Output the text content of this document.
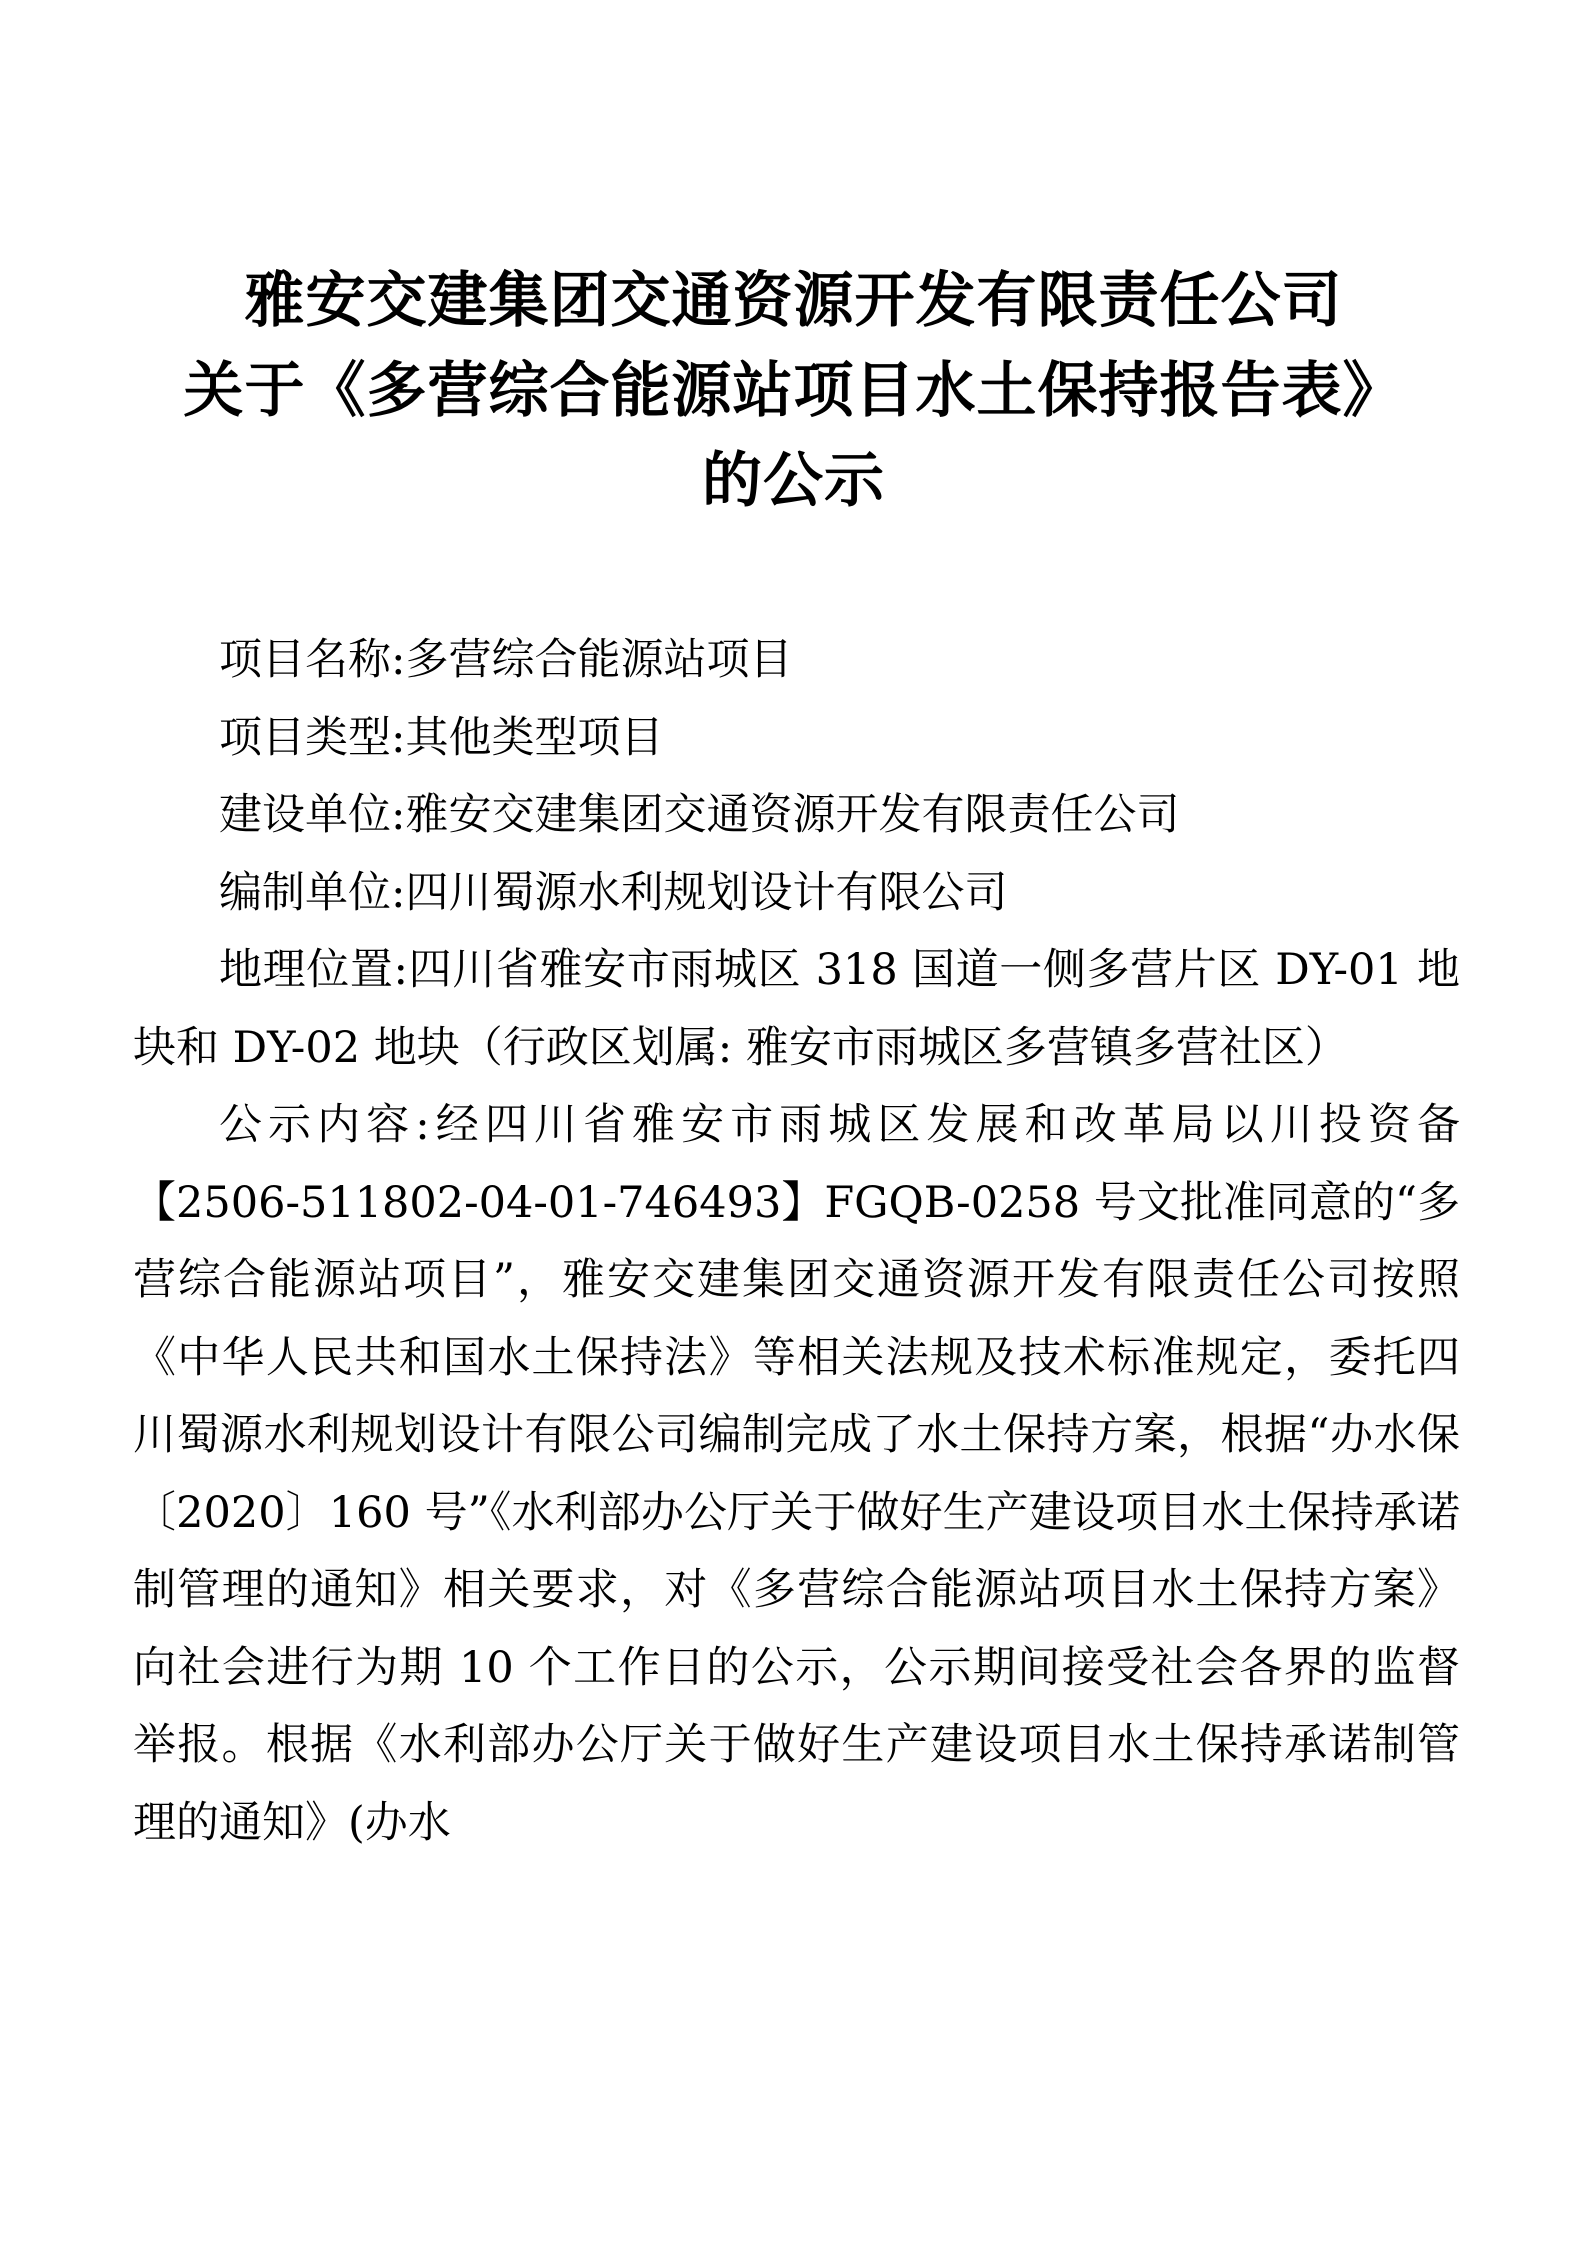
雅安交建集团交通资源开发有限责任公司
关于《多营综合能源站项目水土保持报告表》
的公示

项目名称:多营综合能源站项目

项目类型:其他类型项目

建设单位:雅安交建集团交通资源开发有限责任公司

编制单位:四川蜀源水利规划设计有限公司

地理位置:四川省雅安市雨城区 318 国道一侧多营片区 DY-01 地块和 DY-02 地块（行政区划属: 雅安市雨城区多营镇多营社区）

公示内容:经四川省雅安市雨城区发展和改革局以川投资备【2506-511802-04-01-746493】FGQB-0258 号文批准同意的“多营综合能源站项目”，雅安交建集团交通资源开发有限责任公司按照《中华人民共和国水土保持法》等相关法规及技术标准规定，委托四川蜀源水利规划设计有限公司编制完成了水土保持方案，根据“办水保〔2020〕160 号”《水利部办公厅关于做好生产建设项目水土保持承诺制管理的通知》相关要求，对《多营综合能源站项目水土保持方案》向社会进行为期 10 个工作日的公示，公示期间接受社会各界的监督举报。根据《水利部办公厅关于做好生产建设项目水土保持承诺制管理的通知》(办水
